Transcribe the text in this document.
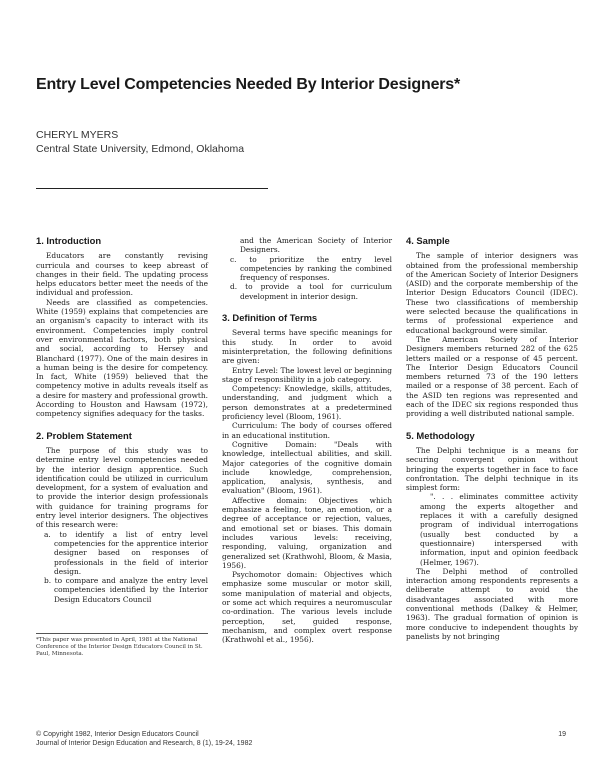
Entry Level Competencies Needed By Interior Designers*
CHERYL MYERS
Central State University, Edmond, Oklahoma
1. Introduction

Educators are constantly revising curricula and courses to keep abreast of changes in their field. The updating process helps educators better meet the needs of the individual and profession.

Needs are classified as competencies. White (1959) explains that competencies are an organism's capacity to interact with its environment. Competencies imply control over environmental factors, both physical and social, according to Hersey and Blanchard (1977). One of the main desires in a human being is the desire for competency. In fact, White (1959) believed that the competency motive in adults reveals itself as a desire for mastery and professional growth. According to Houston and Hawsam (1972), competency signifies adequacy for the tasks.

2. Problem Statement

The purpose of this study was to determine entry level competencies needed by the interior design apprentice. Such identification could be utilized in curriculum development, for a system of evaluation and to provide the interior design professionals with guidance for training programs for entry level interior designers. The objectives of this research were:

a. to identify a list of entry level competencies for the apprentice interior designer based on responses of professionals in the field of interior design.
b. to compare and analyze the entry level competencies identified by the Interior Design Educators Council
*This paper was presented in April, 1981 at the National Conference of the Interior Design Educators Council in St. Paul, Minnesota.
and the American Society of Interior Designers.
c. to prioritize the entry level competencies by ranking the combined frequency of responses.
d. to provide a tool for curriculum development in interior design.
3. Definition of Terms

Several terms have specific meanings for this study. In order to avoid misinterpretation, the following definitions are given:

Entry Level: The lowest level or beginning stage of responsibility in a job category.

Competency: Knowledge, skills, attitudes, understanding, and judgment which a person demonstrates at a predetermined proficiency level (Bloom, 1961).

Curriculum: The body of courses offered in an educational institution.

Cognitive Domain: "Deals with knowledge, intellectual abilities, and skill. Major categories of the cognitive domain include knowledge, comprehension, application, analysis, synthesis, and evaluation" (Bloom, 1961).

Affective domain: Objectives which emphasize a feeling, tone, an emotion, or a degree of acceptance or rejection, values, and emotional set or biases. This domain includes various levels: receiving, responding, valuing, organization and generalized set (Krathwohl, Bloom, & Masia, 1956).

Psychomotor domain: Objectives which emphasize some muscular or motor skill, some manipulation of material and objects, or some act which requires a neuromuscular co-ordination. The various levels include perception, set, guided response, mechanism, and complex overt response (Krathwohl et al., 1956).

4. Sample

The sample of interior designers was obtained from the professional membership of the American Society of Interior Designers (ASID) and the corporate membership of the Interior Design Educators Council (IDEC). These two classifications of membership were selected because the qualifications in terms of professional experience and educational background were similar.

The American Society of Interior Designers members returned 282 of the 625 letters mailed or a response of 45 percent. The Interior Design Educators Council members returned 73 of the 190 letters mailed or a response of 38 percent. Each of the ASID ten regions was represented and each of the IDEC six regions responded thus providing a well distributed national sample.

5. Methodology

The Delphi technique is a means for securing convergent opinion without bringing the experts together in face to face confrontation. The delphi technique in its simplest form:

". . . eliminates committee activity among the experts altogether and replaces it with a carefully designed program of individual interrogations (usually best conducted by a questionnaire) interspersed with information, input and opinion feedback (Helmer, 1967).

The Delphi method of controlled interaction among respondents represents a deliberate attempt to avoid the disadvantages associated with more conventional methods (Dalkey & Helmer, 1963). The gradual formation of opinion is more conducive to independent thoughts by panelists by not bringing

© Copyright 1982, Interior Design Educators Council
Journal of Interior Design Education and Research, 8 (1), 19-24, 1982
19
